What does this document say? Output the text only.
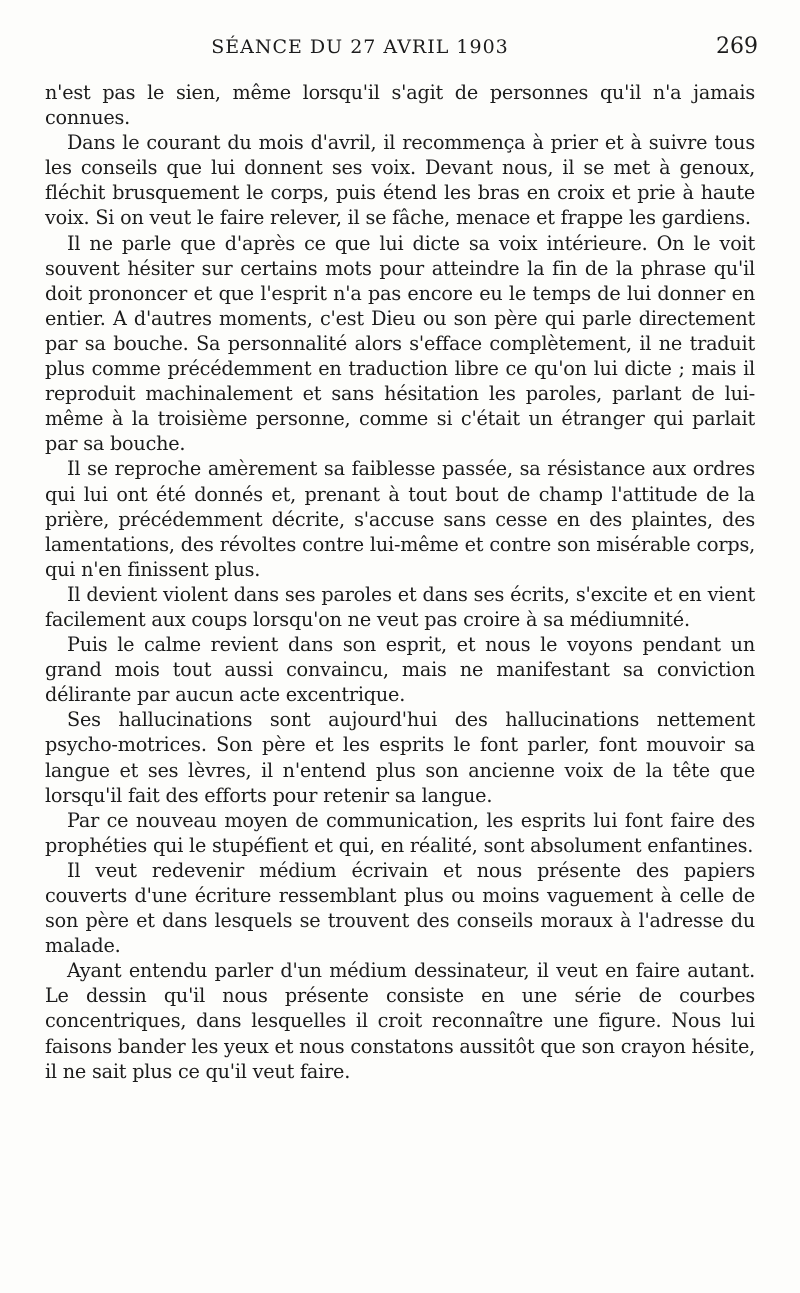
SÉANCE DU 27 AVRIL 1903	269

n'est pas le sien, même lorsqu'il s'agit de personnes qu'il n'a jamais connues.

Dans le courant du mois d'avril, il recommença à prier et à suivre tous les conseils que lui donnent ses voix. Devant nous, il se met à genoux, fléchit brusquement le corps, puis étend les bras en croix et prie à haute voix. Si on veut le faire relever, il se fâche, menace et frappe les gardiens.

Il ne parle que d'après ce que lui dicte sa voix intérieure. On le voit souvent hésiter sur certains mots pour atteindre la fin de la phrase qu'il doit prononcer et que l'esprit n'a pas encore eu le temps de lui donner en entier. A d'autres moments, c'est Dieu ou son père qui parle directement par sa bouche. Sa personnalité alors s'efface complètement, il ne traduit plus comme précédemment en traduction libre ce qu'on lui dicte ; mais il reproduit machinalement et sans hésitation les paroles, parlant de lui-même à la troisième personne, comme si c'était un étranger qui parlait par sa bouche.

Il se reproche amèrement sa faiblesse passée, sa résistance aux ordres qui lui ont été donnés et, prenant à tout bout de champ l'attitude de la prière, précédemment décrite, s'accuse sans cesse en des plaintes, des lamentations, des révoltes contre lui-même et contre son misérable corps, qui n'en finissent plus.

Il devient violent dans ses paroles et dans ses écrits, s'excite et en vient facilement aux coups lorsqu'on ne veut pas croire à sa médiumnité.

Puis le calme revient dans son esprit, et nous le voyons pendant un grand mois tout aussi convaincu, mais ne manifestant sa conviction délirante par aucun acte excentrique.

Ses hallucinations sont aujourd'hui des hallucinations nettement psycho-motrices. Son père et les esprits le font parler, font mouvoir sa langue et ses lèvres, il n'entend plus son ancienne voix de la tête que lorsqu'il fait des efforts pour retenir sa langue.

Par ce nouveau moyen de communication, les esprits lui font faire des prophéties qui le stupéfient et qui, en réalité, sont absolument enfantines.

Il veut redevenir médium écrivain et nous présente des papiers couverts d'une écriture ressemblant plus ou moins vaguement à celle de son père et dans lesquels se trouvent des conseils moraux à l'adresse du malade.

Ayant entendu parler d'un médium dessinateur, il veut en faire autant. Le dessin qu'il nous présente consiste en une série de courbes concentriques, dans lesquelles il croit reconnaître une figure. Nous lui faisons bander les yeux et nous constatons aussitôt que son crayon hésite, il ne sait plus ce qu'il veut faire.
